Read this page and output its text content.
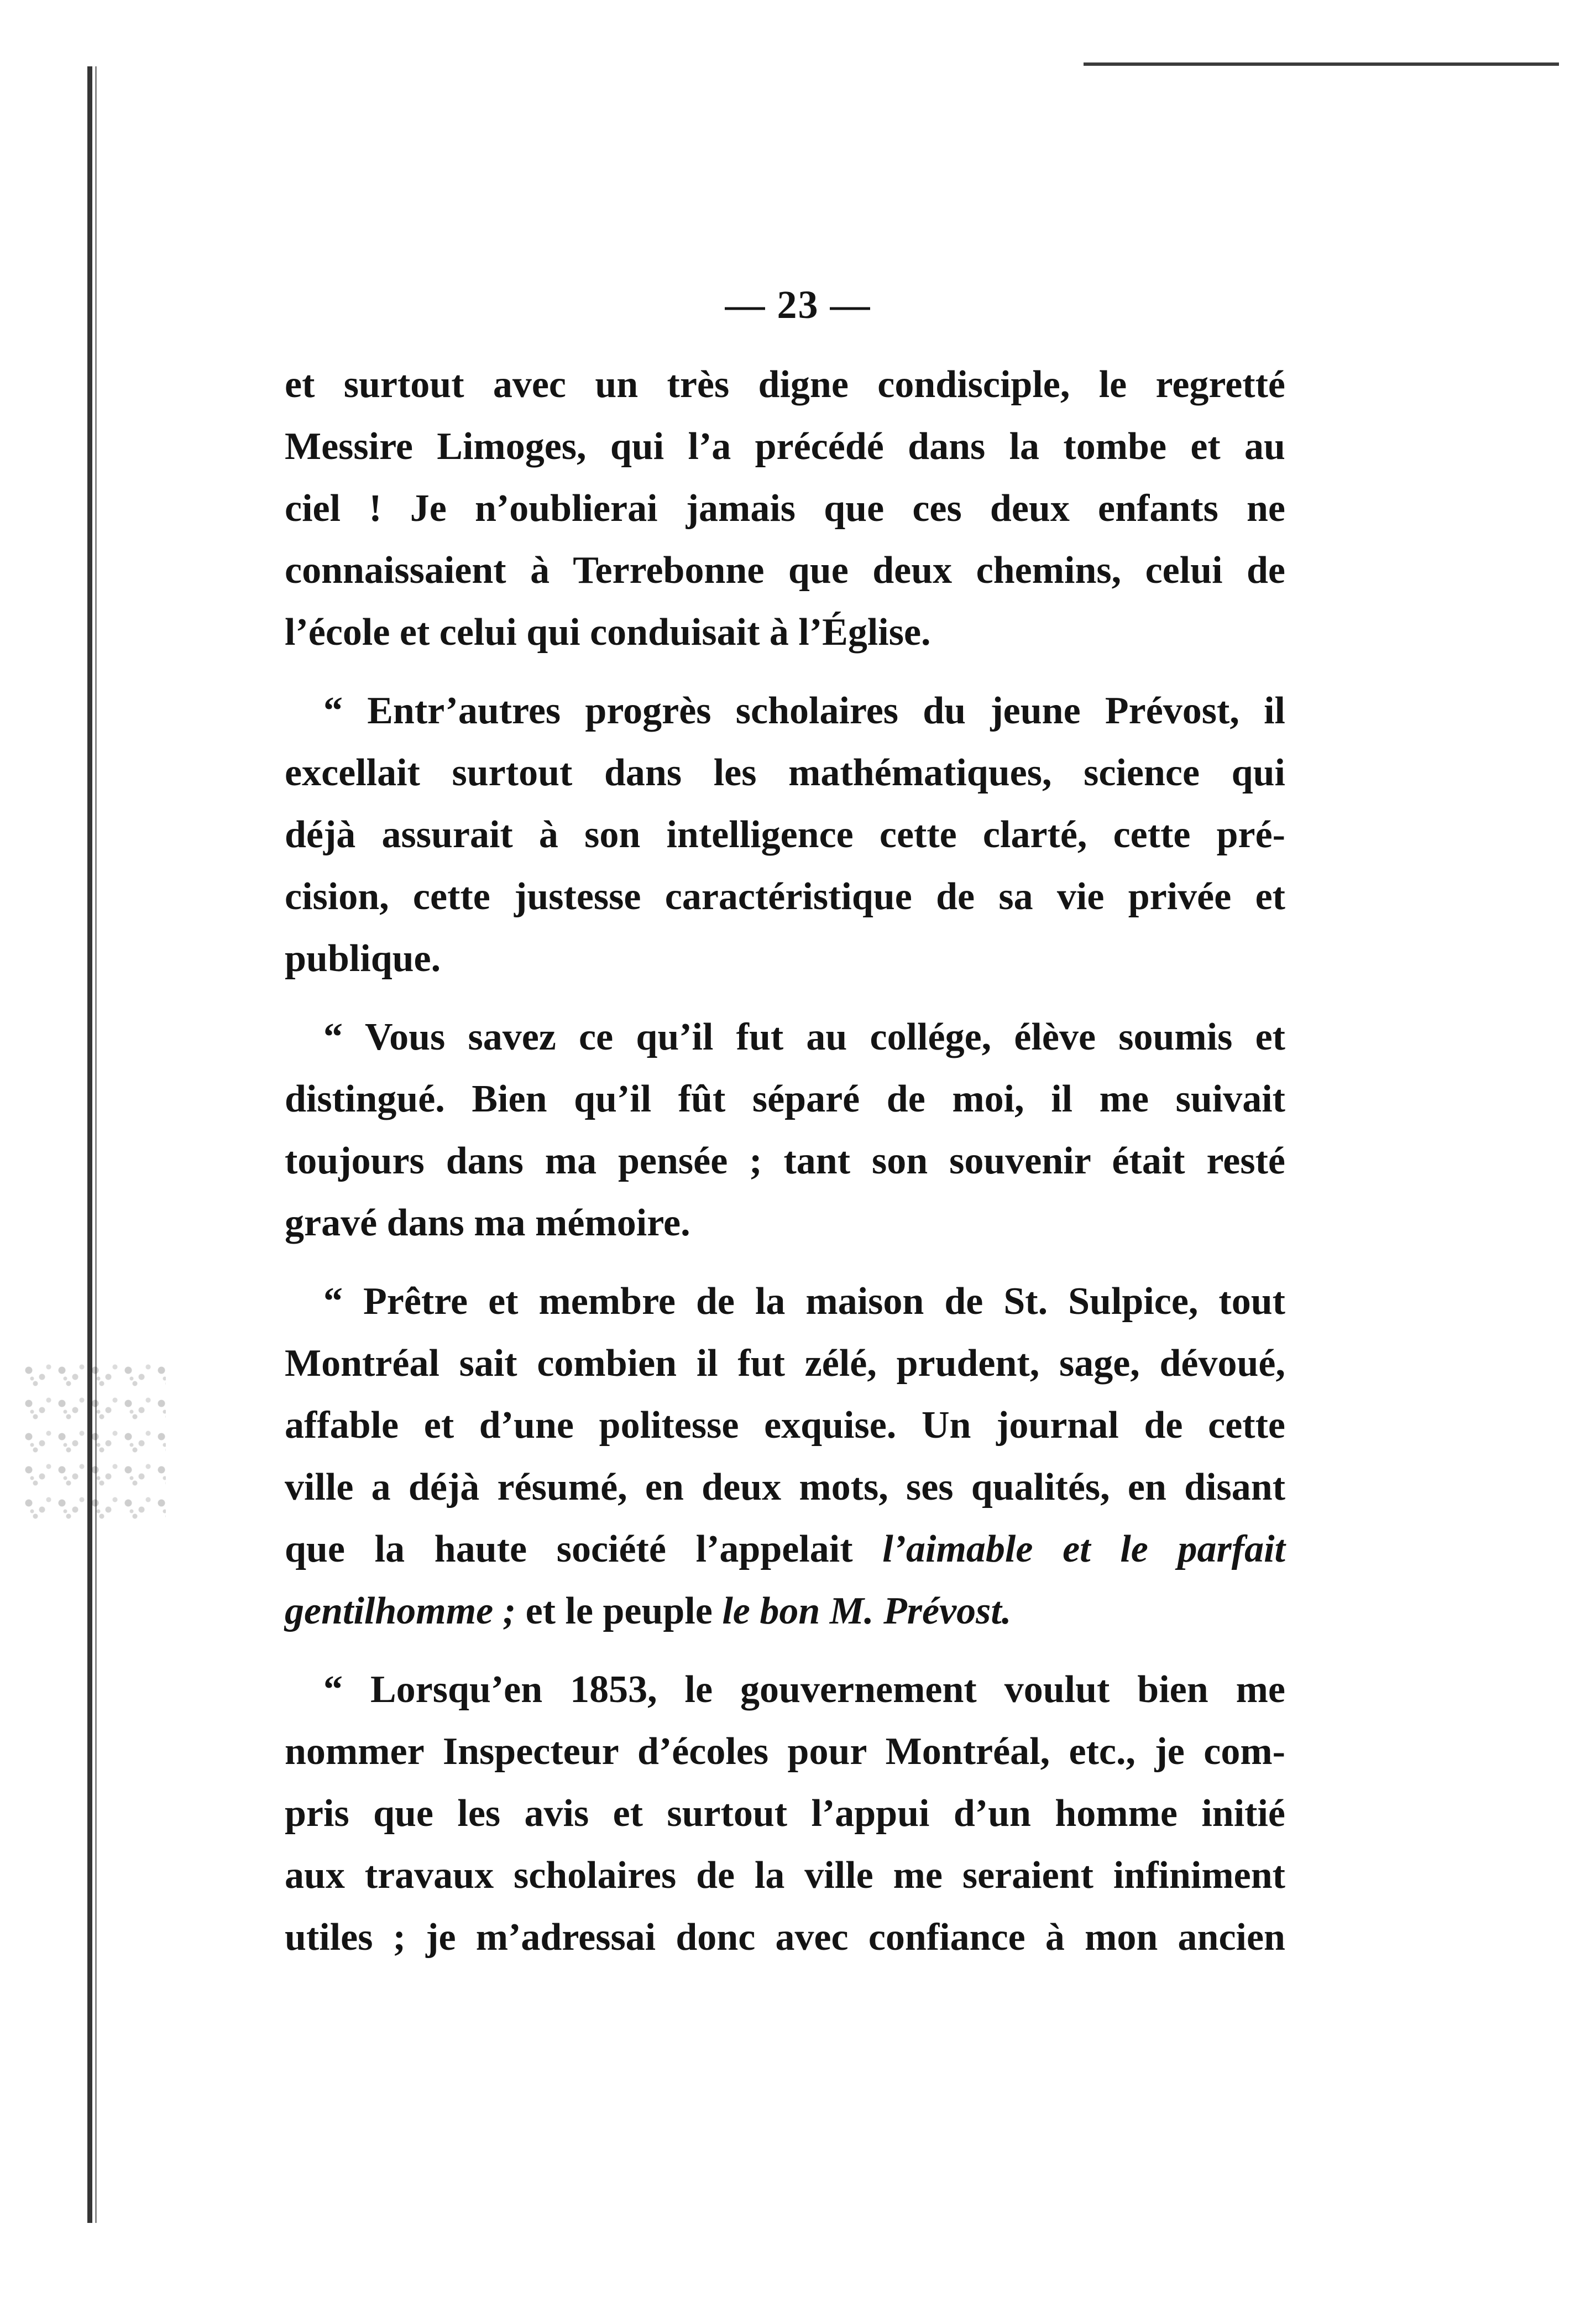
— 23 —

et surtout avec un très digne condisciple, le regretté
Messire Limoges, qui l’a précédé dans la tombe et au
ciel ! Je n’oublierai jamais que ces deux enfants ne
connaissaient à Terrebonne que deux chemins, celui de
l’école et celui qui conduisait à l’Église.

“ Entr’autres progrès scholaires du jeune Prévost, il
excellait surtout dans les mathématiques, science qui
déjà assurait à son intelligence cette clarté, cette pré-
cision, cette justesse caractéristique de sa vie privée et
publique.

“ Vous savez ce qu’il fut au collége, élève soumis et
distingué. Bien qu’il fût séparé de moi, il me suivait
toujours dans ma pensée ; tant son souvenir était resté
gravé dans ma mémoire.

“ Prêtre et membre de la maison de St. Sulpice, tout
Montréal sait combien il fut zélé, prudent, sage, dévoué,
affable et d’une politesse exquise. Un journal de cette
ville a déjà résumé, en deux mots, ses qualités, en disant
que la haute société l’appelait l’aimable et le parfait
gentilhomme ; et le peuple le bon M. Prévost.

“ Lorsqu’en 1853, le gouvernement voulut bien me
nommer Inspecteur d’écoles pour Montréal, etc., je com-
pris que les avis et surtout l’appui d’un homme initié
aux travaux scholaires de la ville me seraient infiniment
utiles ; je m’adressai donc avec confiance à mon ancien
